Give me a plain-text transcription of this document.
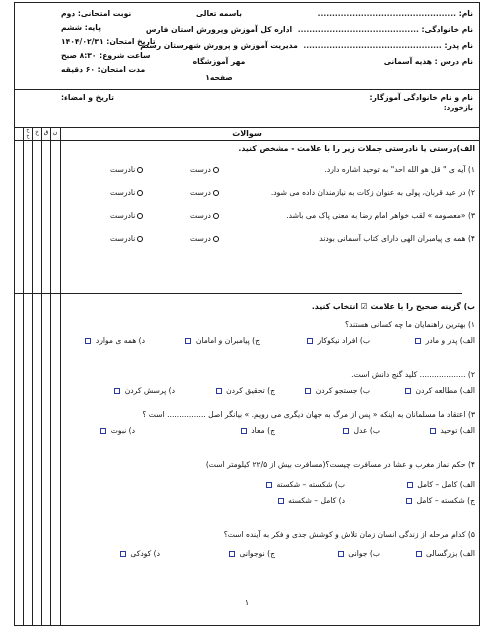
نام: ................................................
نام خانوادگی: ..........................................
نام پدر: ................................................
نام درس : هدیه آسمانی
باسمه تعالی
اداره کل آموزش وپرورش استان فارس
مدیریت آموزش و پرورش شهرستان رستم
مهر آموزشگاه
صفحه۱
نوبت امتحانی: دوم
پایه: ششم
تاریخ امتحان: ۱۴۰۴/۰۲/۳۱
ساعت شروع: ۸:۳۰ صبح
مدت امتحان: ۶۰ دقیقه
نام و نام خانوادگی آموزگار:
بازخورد:
تاریخ و امضاء:
سوالات
ن
ق
خ
خ خ
الف)درستی یا نادرستی جملات زیر را با علامت - مشخص کنید.
۱) آیه ی " قل هو الله احد" به توحید اشاره دارد.
درست
نادرست
۲) در عید قربان، پولی به عنوان زکات به نیازمندان داده می شود.
درست
نادرست
۳) «معصومه » لقب خواهر امام رضا به معنی پاک می باشد.
درست
نادرست
۴) همه ی پیامبران الهی دارای کتاب آسمانی بودند
درست
نادرست
ب) گزینه صحیح را با علامت ☑ انتخاب کنید.
۱) بهترین راهنمایان ما چه کسانی هستند؟
الف) پدر و مادر
ب) افراد نیکوکار
ج) پیامبران و امامان
د) همه ی موارد
۲) ................... کلید گنج دانش است.
الف) مطالعه کردن
ب) جستجو کردن
ج) تحقیق کردن
د) پرسش کردن
۳) اعتقاد ما مسلمانان به اینکه « پس از مرگ به جهان دیگری می رویم. » بیانگر اصل ................ است ؟
الف) توحید
ب) عدل
ج) معاد
د) نبوت
۴) حکم نماز مغرب و عشا در مسافرت چیست؟(مسافرت بیش از ۲۲/۵ کیلومتر است)
الف) کامل – کامل
ب) شکسته – شکسته
ج) شکسته – کامل
د) کامل – شکسته
۵) کدام مرحله از زندگی انسان زمان تلاش و کوشش جدی و فکر به آینده است؟
الف) بزرگسالی
ب) جوانی
ج) نوجوانی
د) کودکی
۱
